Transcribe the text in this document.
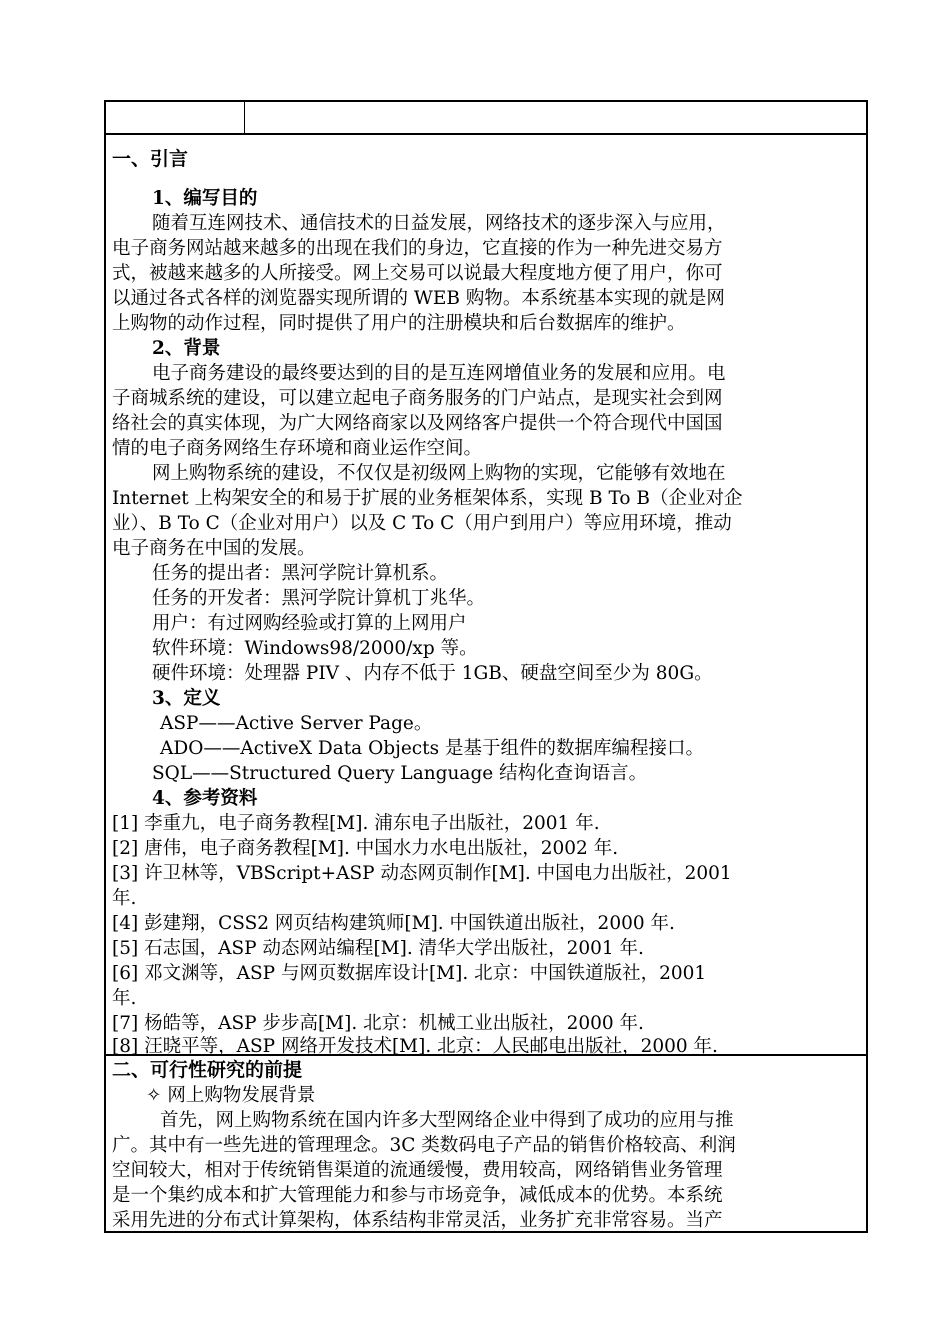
一、引言
1、编写目的
随着互连网技术、通信技术的日益发展，网络技术的逐步深入与应用，
电子商务网站越来越多的出现在我们的身边，它直接的作为一种先进交易方
式，被越来越多的人所接受。网上交易可以说最大程度地方便了用户，你可
以通过各式各样的浏览器实现所谓的 WEB 购物。本系统基本实现的就是网
上购物的动作过程，同时提供了用户的注册模块和后台数据库的维护。
2、背景
电子商务建设的最终要达到的目的是互连网增值业务的发展和应用。电
子商城系统的建设，可以建立起电子商务服务的门户站点，是现实社会到网
络社会的真实体现，为广大网络商家以及网络客户提供一个符合现代中国国
情的电子商务网络生存环境和商业运作空间。
网上购物系统的建设，不仅仅是初级网上购物的实现，它能够有效地在
Internet 上构架安全的和易于扩展的业务框架体系，实现 B To B（企业对企
业）、B To C（企业对用户）以及 C To C（用户到用户）等应用环境，推动
电子商务在中国的发展。
任务的提出者：黑河学院计算机系。
任务的开发者：黑河学院计算机丁兆华。
用户：有过网购经验或打算的上网用户
软件环境：Windows98/2000/xp 等。
硬件环境：处理器 PIV 、内存不低于 1GB、硬盘空间至少为 80G。
3、定义
ASP——Active Server Page。
ADO——ActiveX Data Objects 是基于组件的数据库编程接口。
SQL——Structured Query Language 结构化查询语言。
4、参考资料
[1] 李重九，电子商务教程[M]. 浦东电子出版社，2001 年.
[2] 唐伟，电子商务教程[M]. 中国水力水电出版社，2002 年.
[3] 许卫林等，VBScript+ASP 动态网页制作[M]. 中国电力出版社，2001
年.
[4] 彭建翔，CSS2 网页结构建筑师[M]. 中国铁道出版社，2000 年.
[5] 石志国，ASP 动态网站编程[M]. 清华大学出版社，2001 年.
[6] 邓文渊等，ASP 与网页数据库设计[M]. 北京：中国铁道版社，2001
年.
[7] 杨皓等，ASP 步步高[M]. 北京：机械工业出版社，2000 年.
[8] 汪晓平等，ASP 网络开发技术[M]. 北京：人民邮电出版社，2000 年.
二、可行性研究的前提
✧ 网上购物发展背景
首先，网上购物系统在国内许多大型网络企业中得到了成功的应用与推
广。其中有一些先进的管理理念。3C 类数码电子产品的销售价格较高、利润
空间较大，相对于传统销售渠道的流通缓慢，费用较高，网络销售业务管理
是一个集约成本和扩大管理能力和参与市场竞争，减低成本的优势。本系统
采用先进的分布式计算架构，体系结构非常灵活，业务扩充非常容易。当产
